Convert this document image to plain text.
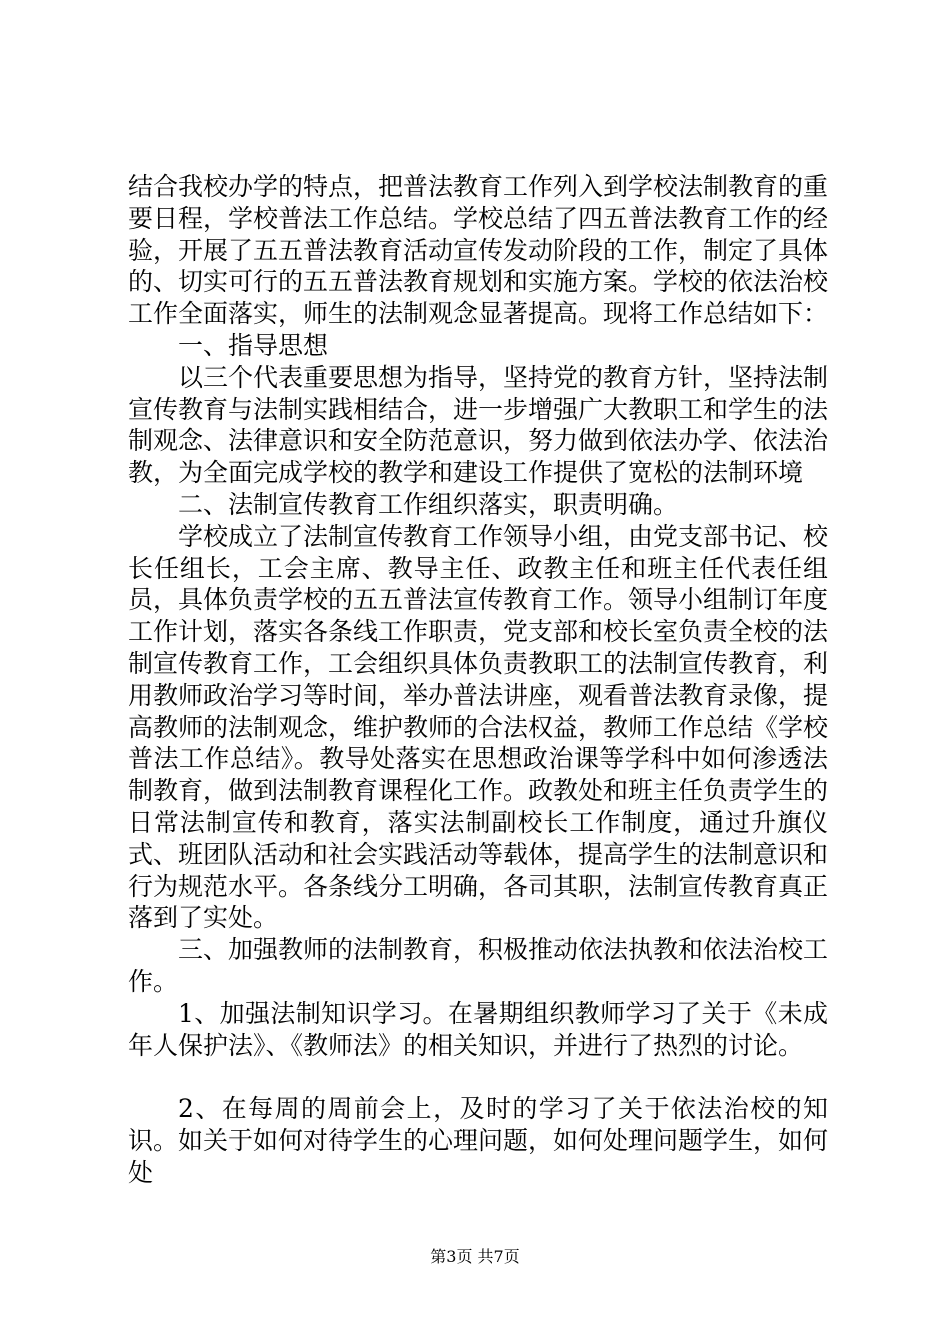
结合我校办学的特点，把普法教育工作列入到学校法制教育的重要日程，学校普法工作总结。学校总结了四五普法教育工作的经验，开展了五五普法教育活动宣传发动阶段的工作，制定了具体的、切实可行的五五普法教育规划和实施方案。学校的依法治校工作全面落实，师生的法制观念显著提高。现将工作总结如下：

一、指导思想

以三个代表重要思想为指导，坚持党的教育方针，坚持法制宣传教育与法制实践相结合，进一步增强广大教职工和学生的法制观念、法律意识和安全防范意识，努力做到依法办学、依法治教，为全面完成学校的教学和建设工作提供了宽松的法制环境

二、法制宣传教育工作组织落实，职责明确。

学校成立了法制宣传教育工作领导小组，由党支部书记、校长任组长，工会主席、教导主任、政教主任和班主任代表任组员，具体负责学校的五五普法宣传教育工作。领导小组制订年度工作计划，落实各条线工作职责，党支部和校长室负责全校的法制宣传教育工作，工会组织具体负责教职工的法制宣传教育，利用教师政治学习等时间，举办普法讲座，观看普法教育录像，提高教师的法制观念，维护教师的合法权益，教师工作总结《学校普法工作总结》。教导处落实在思想政治课等学科中如何渗透法制教育，做到法制教育课程化工作。政教处和班主任负责学生的日常法制宣传和教育，落实法制副校长工作制度，通过升旗仪式、班团队活动和社会实践活动等载体，提高学生的法制意识和行为规范水平。各条线分工明确，各司其职，法制宣传教育真正落到了实处。

三、加强教师的法制教育，积极推动依法执教和依法治校工作。

1、加强法制知识学习。在暑期组织教师学习了关于《未成年人保护法》、《教师法》的相关知识，并进行了热烈的讨论。

2、在每周的周前会上，及时的学习了关于依法治校的知识。如关于如何对待学生的心理问题，如何处理问题学生，如何处

第3页 共7页
